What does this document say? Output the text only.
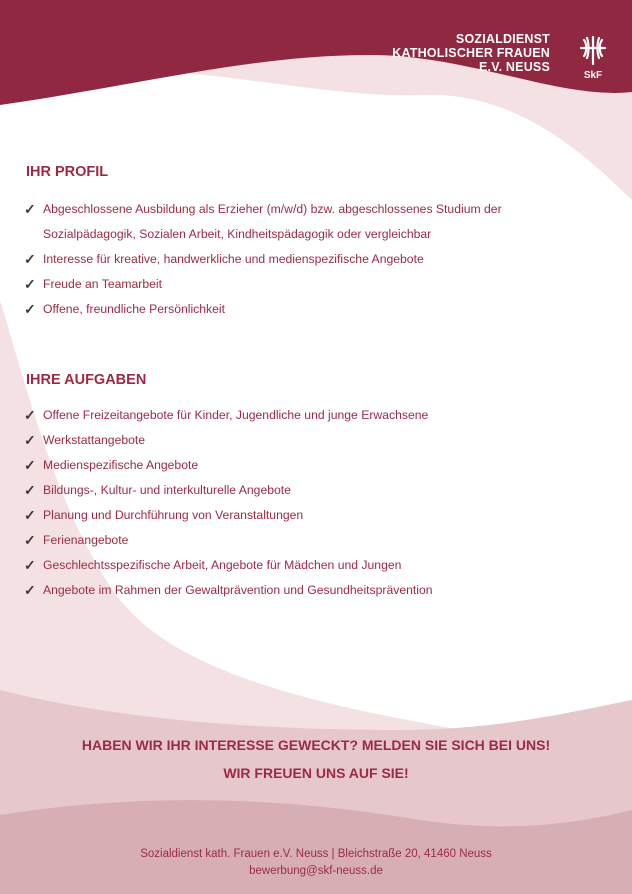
SOZIALDIENST
KATHOLISCHER FRAUEN
E.V. NEUSS
SkF
IHR PROFIL
✓ Abgeschlossene Ausbildung als Erzieher (m/w/d) bzw. abgeschlossenes Studium der
Sozialpädagogik, Sozialen Arbeit, Kindheitspädagogik oder vergleichbar
✓ Interesse für kreative, handwerkliche und medienspezifische Angebote
✓ Freude an Teamarbeit
✓ Offene, freundliche Persönlichkeit
IHRE AUFGABEN
✓ Offene Freizeitangebote für Kinder, Jugendliche und junge Erwachsene
✓ Werkstattangebote
✓ Medienspezifische Angebote
✓ Bildungs-, Kultur- und interkulturelle Angebote
✓ Planung und Durchführung von Veranstaltungen
✓ Ferienangebote
✓ Geschlechtsspezifische Arbeit, Angebote für Mädchen und Jungen
✓ Angebote im Rahmen der Gewaltprävention und Gesundheitsprävention
HABEN WIR IHR INTERESSE GEWECKT? MELDEN SIE SICH BEI UNS!
WIR FREUEN UNS AUF SIE!
Sozialdienst kath. Frauen e.V. Neuss | Bleichstraße 20, 41460 Neuss
bewerbung@skf-neuss.de
